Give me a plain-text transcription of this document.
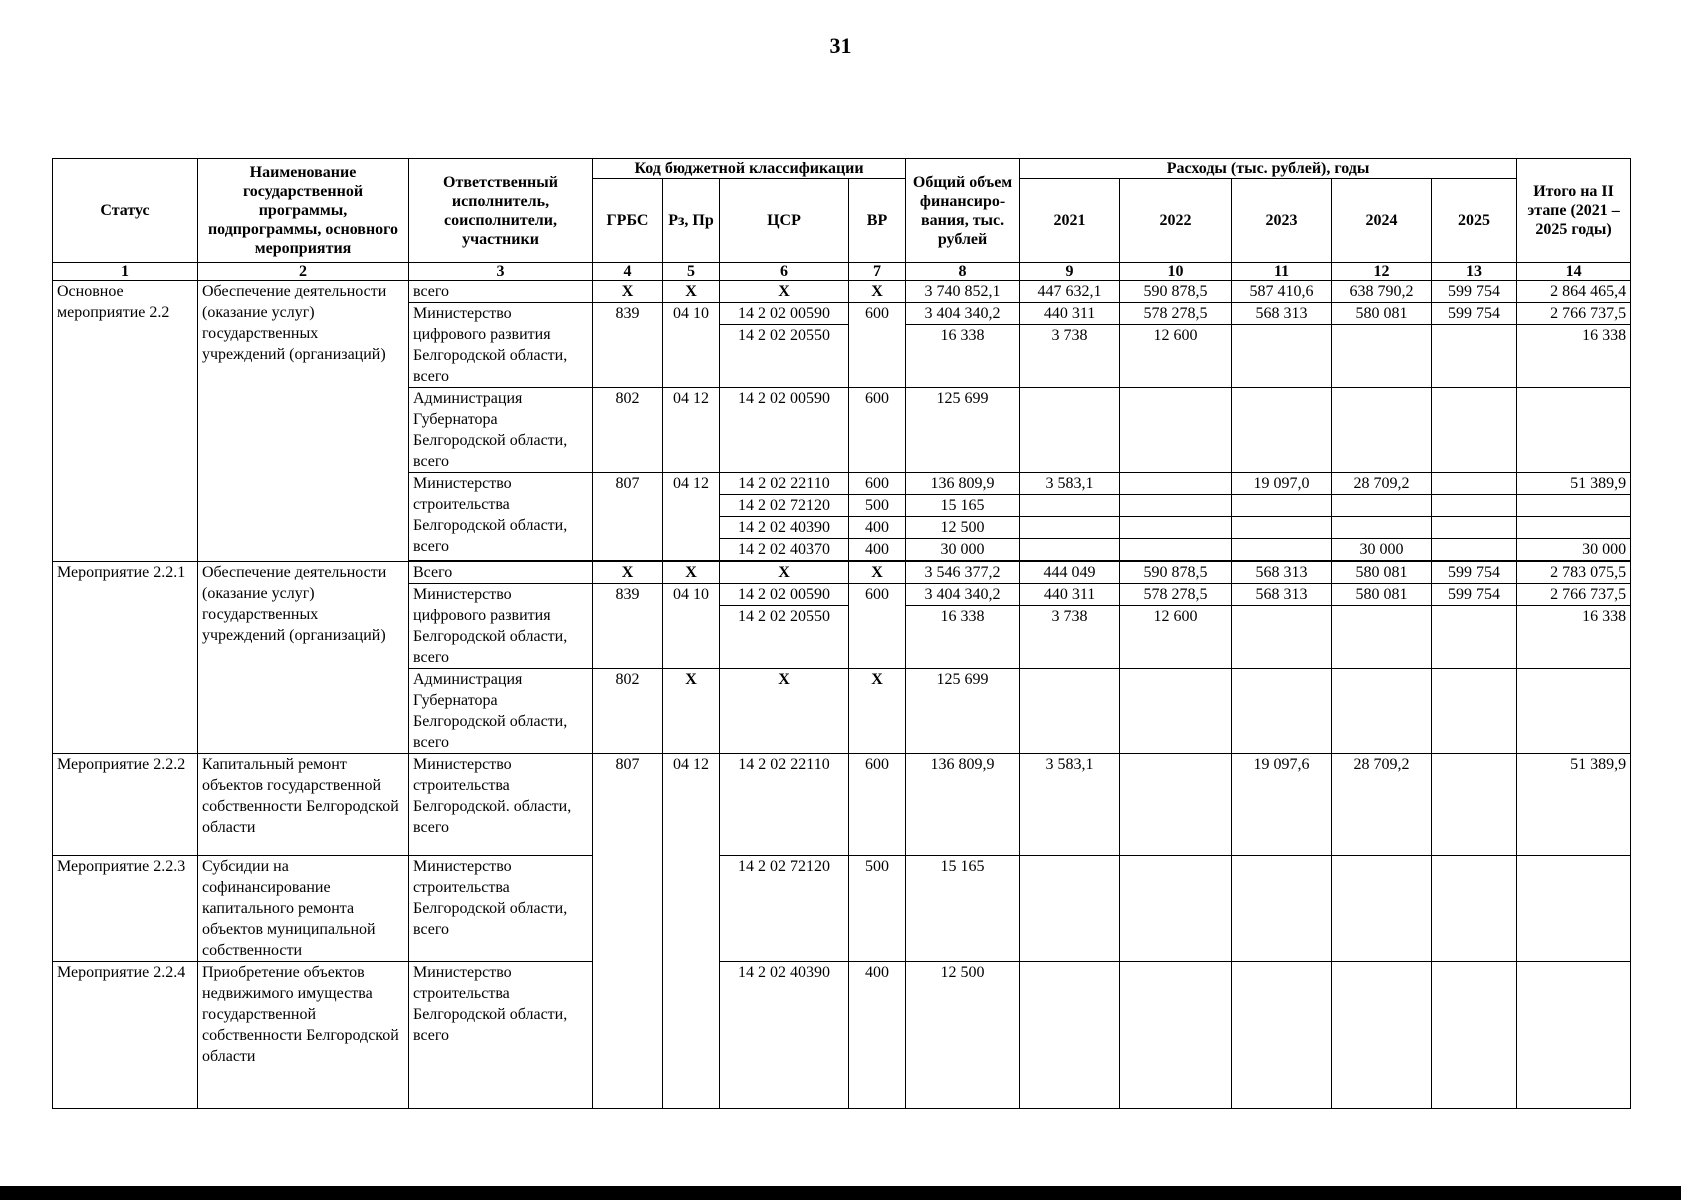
31
Статус	Наименование государственной программы, подпрограммы, основного мероприятия	Ответственный исполнитель, соисполнители, участники	Код бюджетной классификации				Общий объем финансиро-вания, тыс. рублей	Расходы (тыс. рублей), годы					Итого на II этапе (2021 – 2025 годы)
			ГРБС	Рз, Пр	ЦСР	ВР		2021	2022	2023	2024	2025	
1	2	3	4	5	6	7	8	9	10	11	12	13	14
Основное мероприятие 2.2	Обеспечение деятельности (оказание услуг) государственных учреждений (организаций)	всего	Х	Х	Х	Х	3 740 852,1	447 632,1	590 878,5	587 410,6	638 790,2	599 754	2 864 465,4
		Министерство цифрового развития Белгородской области, всего	839	04 10	14 2 02 00590	600	3 404 340,2	440 311	578 278,5	568 313	580 081	599 754	2 766 737,5
					14 2 02 20550		16 338	3 738	12 600				16 338
		Администрация Губернатора Белгородской области, всего	802	04 12	14 2 02 00590	600	125 699						
		Министерство строительства Белгородской области, всего	807	04 12	14 2 02 22110	600	136 809,9	3 583,1		19 097,0	28 709,2		51 389,9
					14 2 02 72120	500	15 165						
					14 2 02 40390	400	12 500						
					14 2 02 40370	400	30 000				30 000		30 000

Мероприятие 2.2.1	Обеспечение деятельности (оказание услуг) государственных учреждений (организаций)	Всего	Х	Х	Х	Х	3 546 377,2	444 049	590 878,5	568 313	580 081	599 754	2 783 075,5
		Министерство цифрового развития Белгородской области, всего	839	04 10	14 2 02 00590	600	3 404 340,2	440 311	578 278,5	568 313	580 081	599 754	2 766 737,5
					14 2 02 20550		16 338	3 738	12 600				16 338
		Администрация Губернатора Белгородской области, всего	802	Х	Х	Х	125 699						
Мероприятие 2.2.2	Капитальный ремонт объектов государственной собственности Белгородской области	Министерство строительства Белгородской. области, всего	807	04 12	14 2 02 22110	600	136 809,9	3 583,1		19 097,6	28 709,2		51 389,9
Мероприятие 2.2.3	Субсидии на софинансирование капитального ремонта объектов муниципальной собственности	Министерство строительства Белгородской области, всего			14 2 02 72120	500	15 165						
Мероприятие 2.2.4	Приобретение объектов недвижимого имущества государственной собственности Белгородской области	Министерство строительства Белгородской области, всего			14 2 02 40390	400	12 500						
